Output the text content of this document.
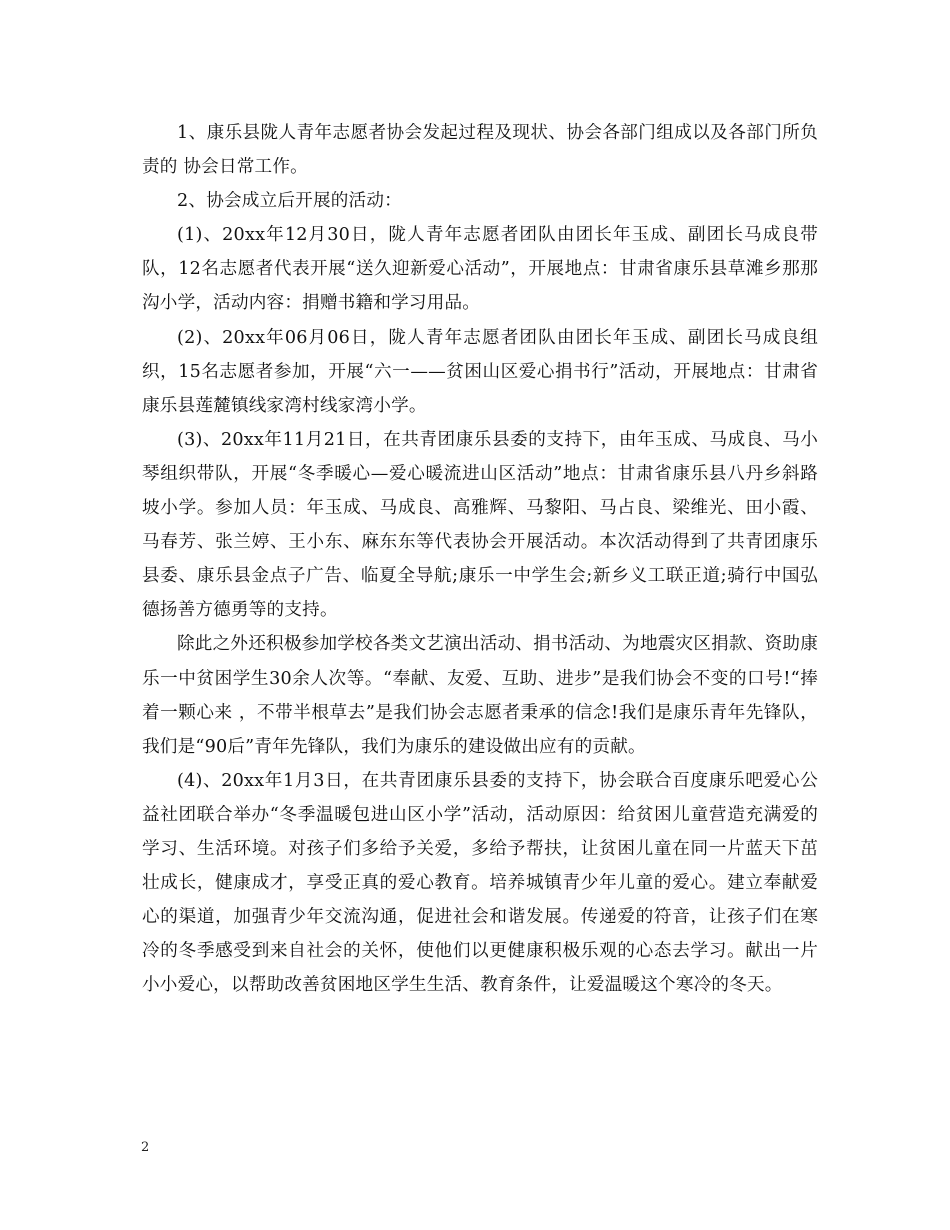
1、康乐县陇人青年志愿者协会发起过程及现状、协会各部门组成以及各部门所负责的 协会日常工作。

2、协会成立后开展的活动：

(1)、20xx年12月30日，陇人青年志愿者团队由团长年玉成、副团长马成良带队，12名志愿者代表开展“送久迎新爱心活动”，开展地点：甘肃省康乐县草滩乡那那沟小学，活动内容：捐赠书籍和学习用品。

(2)、20xx年06月06日，陇人青年志愿者团队由团长年玉成、副团长马成良组织，15名志愿者参加，开展“六一——贫困山区爱心捐书行”活动，开展地点：甘肃省康乐县莲麓镇线家湾村线家湾小学。

(3)、20xx年11月21日，在共青团康乐县委的支持下，由年玉成、马成良、马小琴组织带队，开展“冬季暖心—爱心暖流进山区活动”地点：甘肃省康乐县八丹乡斜路坡小学。参加人员：年玉成、马成良、高雅辉、马黎阳、马占良、梁维光、田小霞、马春芳、张兰婷、王小东、麻东东等代表协会开展活动。本次活动得到了共青团康乐县委、康乐县金点子广告、临夏全导航;康乐一中学生会;新乡义工联正道;骑行中国弘德扬善方德勇等的支持。

除此之外还积极参加学校各类文艺演出活动、捐书活动、为地震灾区捐款、资助康乐一中贫困学生30余人次等。“奉献、友爱、互助、进步”是我们协会不变的口号!“捧着一颗心来 ，不带半根草去”是我们协会志愿者秉承的信念!我们是康乐青年先锋队，我们是“90后”青年先锋队，我们为康乐的建设做出应有的贡献。

(4)、20xx年1月3日，在共青团康乐县委的支持下，协会联合百度康乐吧爱心公益社团联合举办“冬季温暖包进山区小学”活动，活动原因：给贫困儿童营造充满爱的学习、生活环境。对孩子们多给予关爱，多给予帮扶，让贫困儿童在同一片蓝天下茁壮成长，健康成才，享受正真的爱心教育。培养城镇青少年儿童的爱心。建立奉献爱心的渠道，加强青少年交流沟通，促进社会和谐发展。传递爱的符音，让孩子们在寒冷的冬季感受到来自社会的关怀，使他们以更健康积极乐观的心态去学习。献出一片小小爱心，以帮助改善贫困地区学生生活、教育条件，让爱温暖这个寒冷的冬天。

2
